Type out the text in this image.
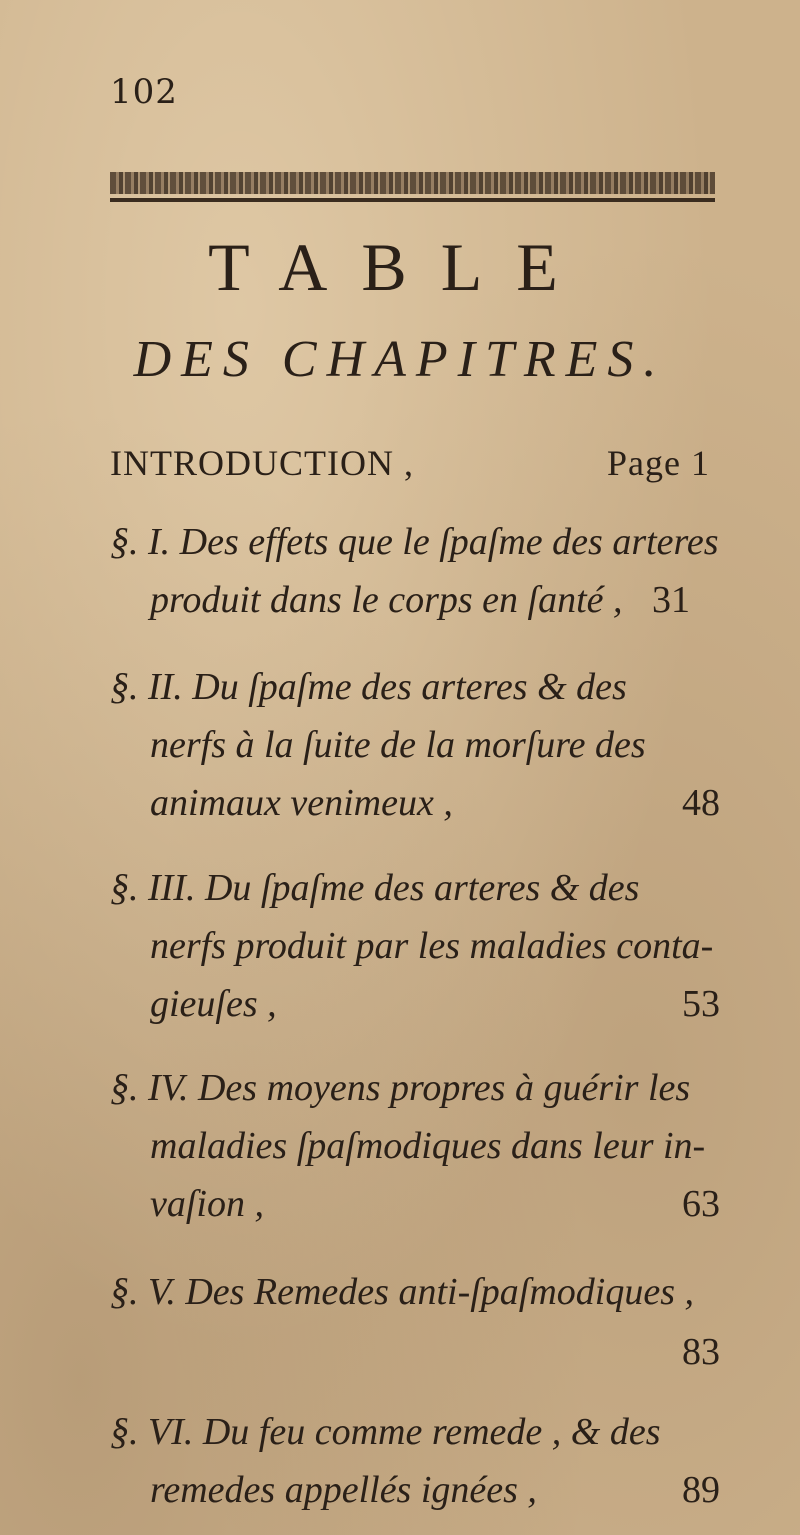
102
TABLE
DES CHAPITRES.
INTRODUCTION ,	Page 1
§. I. Des effets que le ſpaſme des arteres
produit dans le corps en ſanté , 31
§. II. Du ſpaſme des arteres & des
nerfs à la ſuite de la morſure des
animaux venimeux ,	48
§. III. Du ſpaſme des arteres & des
nerfs produit par les maladies conta-
gieuſes ,	53
§. IV. Des moyens propres à guérir les
maladies ſpaſmodiques dans leur in-
vaſion ,	63
§. V. Des Remedes anti-ſpaſmodiques ,
83
§. VI. Du feu comme remede , & des
remedes appellés ignées ,	89
